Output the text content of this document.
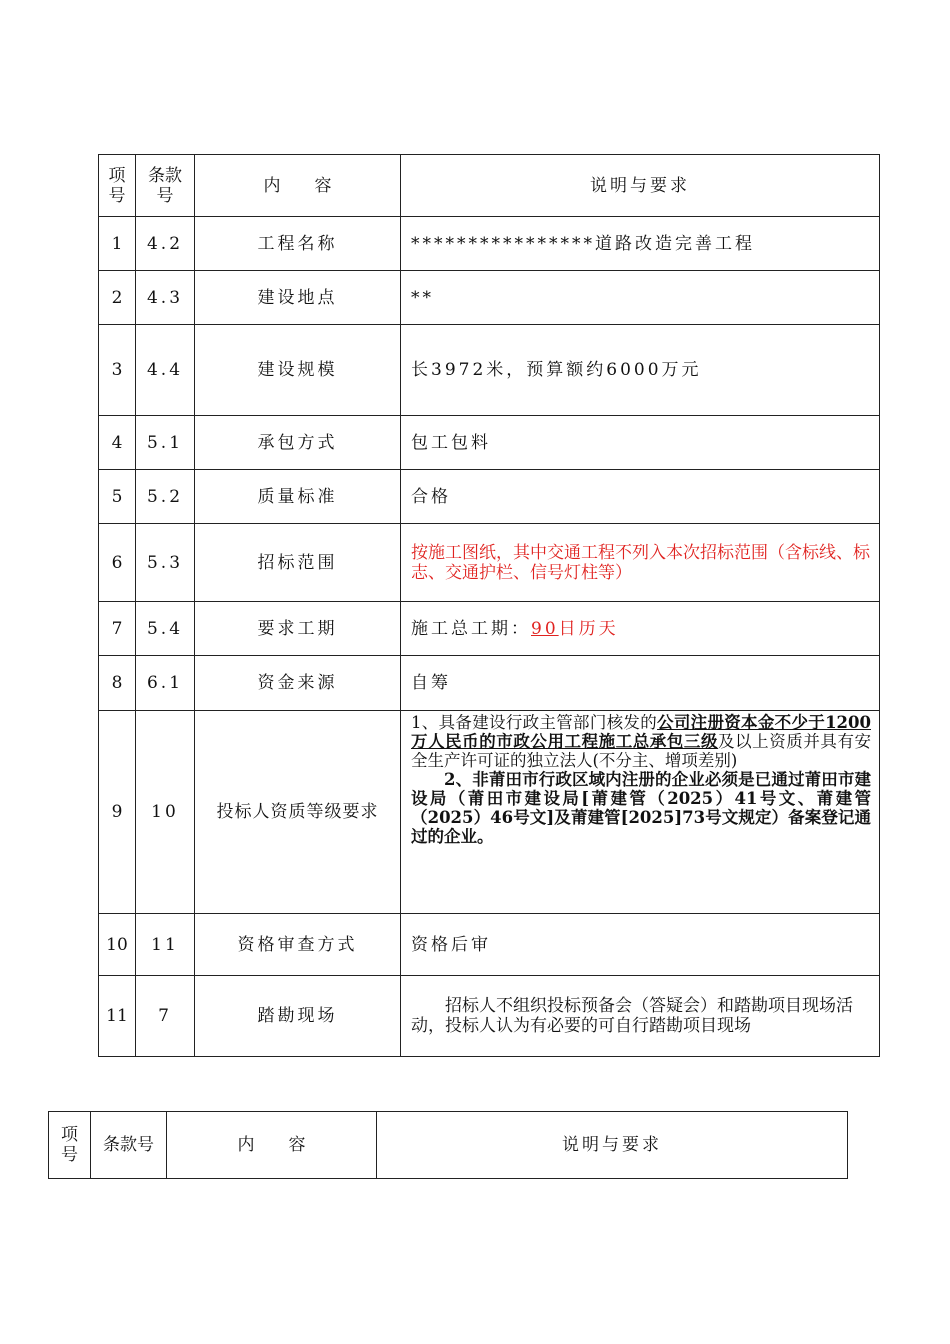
项号	条款号	内　　容	说明与要求
1	4.2	工程名称	****************道路改造完善工程
2	4.3	建设地点	**
3	4.4	建设规模	长3972米，预算额约6000万元
4	5.1	承包方式	包工包料
5	5.2	质量标准	合格
6	5.3	招标范围	按施工图纸，其中交通工程不列入本次招标范围（含标线、标志、交通护栏、信号灯柱等）
7	5.4	要求工期	施工总工期：90日历天
8	6.1	资金来源	自筹
9	10	投标人资质等级要求	1、具备建设行政主管部门核发的公司注册资本金不少于1200万人民币的市政公用工程施工总承包三级及以上资质并具有安全生产许可证的独立法人(不分主、增项差别)
2、非莆田市行政区域内注册的企业必须是已通过莆田市建设局（莆田市建设局[莆建管（2025）41号文、莆建管（2025）46号文]及莆建管[2025]73号文规定）备案登记通过的企业。

10	11	资格审查方式	资格后审
11	7	踏勘现场	招标人不组织投标预备会（答疑会）和踏勘项目现场活动，投标人认为有必要的可自行踏勘项目现场
项号	条款号	内　　容	说明与要求
